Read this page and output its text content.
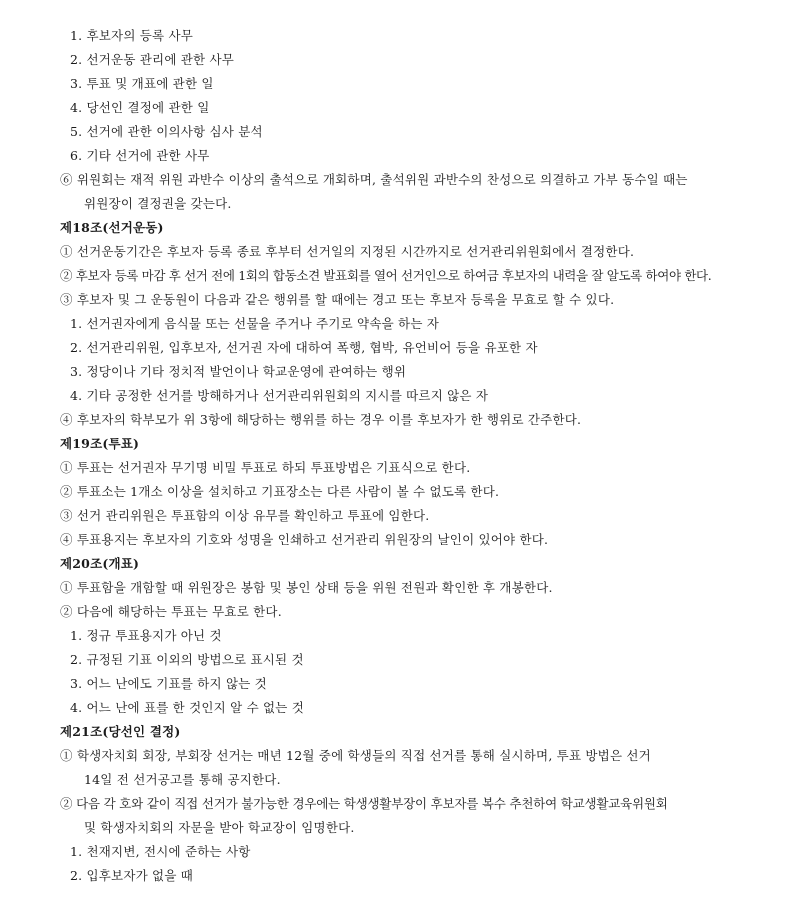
1. 후보자의 등록 사무
2. 선거운동 관리에 관한 사무
3. 투표 및 개표에 관한 일
4. 당선인 결정에 관한 일
5. 선거에 관한 이의사항 심사 분석
6. 기타 선거에 관한 사무
⑥ 위원회는 재적 위원 과반수 이상의 출석으로 개회하며, 출석위원 과반수의 찬성으로 의결하고 가부 동수일 때는
위원장이 결정권을 갖는다.
제18조(선거운동)
① 선거운동기간은 후보자 등록 종료 후부터 선거일의 지정된 시간까지로 선거관리위원회에서 결정한다.
② 후보자 등록 마감 후 선거 전에 1회의 합동소견 발표회를 열어 선거인으로 하여금 후보자의 내력을 잘 알도록 하여야 한다.
③ 후보자 및 그 운동원이 다음과 같은 행위를 할 때에는 경고 또는 후보자 등록을 무효로 할 수 있다.
1. 선거권자에게 음식물 또는 선물을 주거나 주기로 약속을 하는 자
2. 선거관리위원, 입후보자, 선거권 자에 대하여 폭행, 협박, 유언비어 등을 유포한 자
3. 정당이나 기타 정치적 발언이나 학교운영에 관여하는 행위
4. 기타 공정한 선거를 방해하거나 선거관리위원회의 지시를 따르지 않은 자
④ 후보자의 학부모가 위 3항에 해당하는 행위를 하는 경우 이를 후보자가 한 행위로 간주한다.
제19조(투표)
① 투표는 선거권자 무기명 비밀 투표로 하되 투표방법은 기표식으로 한다.
② 투표소는 1개소 이상을 설치하고 기표장소는 다른 사람이 볼 수 없도록 한다.
③ 선거 관리위원은 투표함의 이상 유무를 확인하고 투표에 임한다.
④ 투표용지는 후보자의 기호와 성명을 인쇄하고 선거관리 위원장의 날인이 있어야 한다.
제20조(개표)
① 투표함을 개함할 때 위원장은 봉함 및 봉인 상태 등을 위원 전원과 확인한 후 개봉한다.
② 다음에 해당하는 투표는 무효로 한다.
1. 정규 투표용지가 아닌 것
2. 규정된 기표 이외의 방법으로 표시된 것
3. 어느 난에도 기표를 하지 않는 것
4. 어느 난에 표를 한 것인지 알 수 없는 것
제21조(당선인 결정)
① 학생자치회 회장, 부회장 선거는 매년 12월 중에 학생들의 직접 선거를 통해 실시하며, 투표 방법은 선거
14일 전 선거공고를 통해 공지한다.
② 다음 각 호와 같이 직접 선거가 불가능한 경우에는 학생생활부장이 후보자를 복수 추천하여 학교생활교육위원회
및 학생자치회의 자문을 받아 학교장이 임명한다.
1. 천재지변, 전시에 준하는 사항
2. 입후보자가 없을 때
